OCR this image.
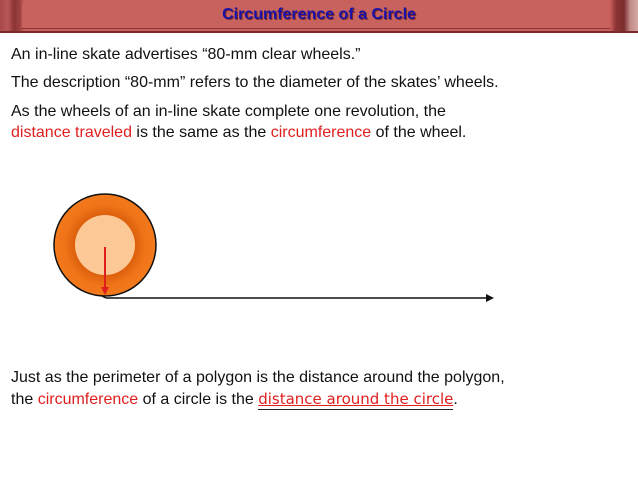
Circumference of a Circle
An in-line skate advertises “80-mm clear wheels.”
The description “80-mm” refers to the diameter of the skates’ wheels.
As the wheels of an in-line skate complete one revolution, the
distance traveled is the same as the circumference of the wheel.
Just as the perimeter of a polygon is the distance around the polygon,
the circumference of a circle is the distance around the circle.
